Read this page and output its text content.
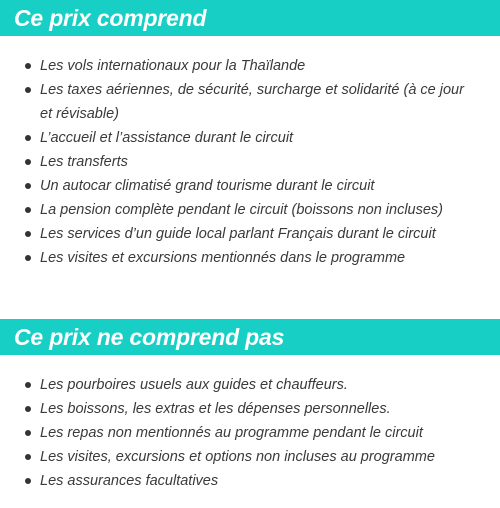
Ce prix comprend
Les vols internationaux pour la Thaïlande
Les taxes aériennes, de sécurité, surcharge et solidarité (à ce jour et révisable)
L’accueil et l’assistance durant le circuit
Les transferts
Un autocar climatisé grand tourisme durant le circuit
La pension complète pendant le circuit (boissons non incluses)
Les services d’un guide local parlant Français durant le circuit
Les visites et excursions mentionnés dans le programme
Ce prix ne comprend pas
Les pourboires usuels aux guides et chauffeurs.
Les boissons, les extras et les dépenses personnelles.
Les repas non mentionnés au programme pendant le circuit
Les visites, excursions et options non incluses au programme
Les assurances facultatives
